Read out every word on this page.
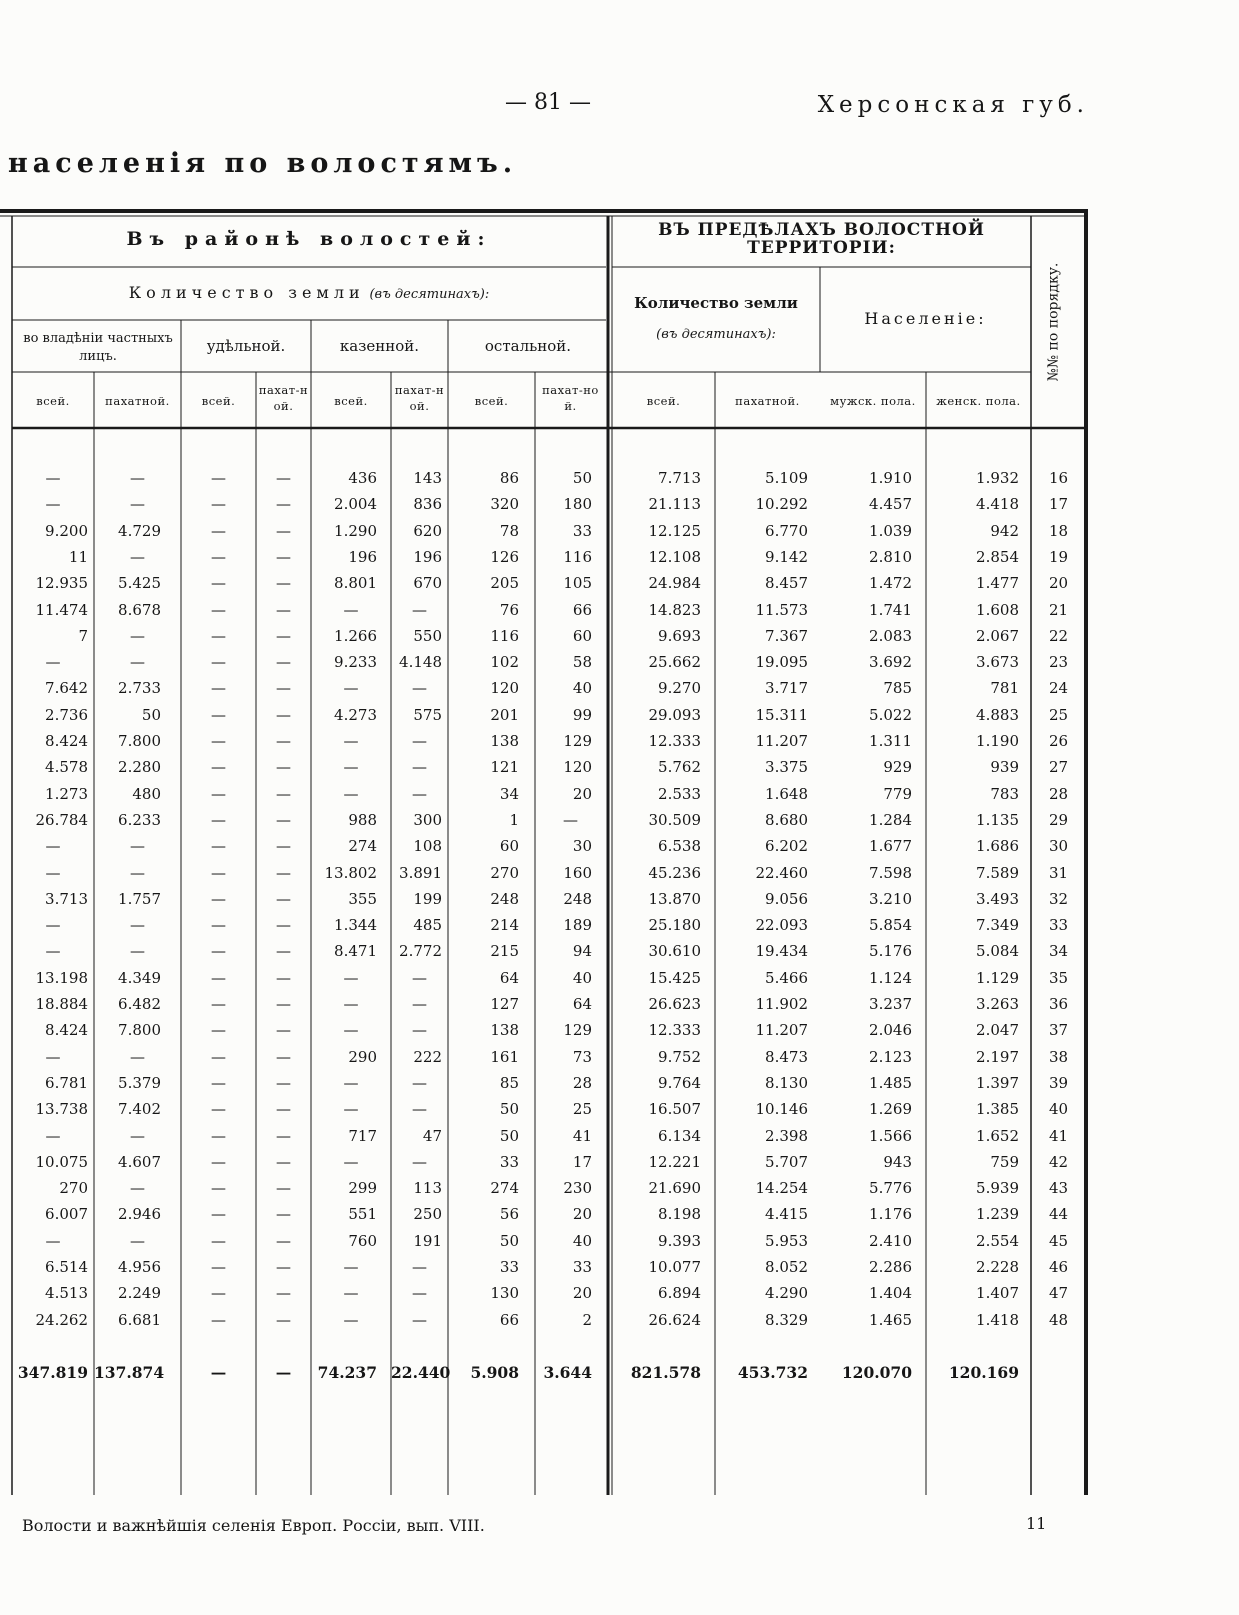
— 81 —	Херсонская губ.
населенія по волостямъ.
Въ районѣ волостей:	ВЪ ПРЕДѢЛАХЪ ВОЛОСТНОЙ ТЕРРИТОРІИ:
Количество земли (въ десятинахъ):	Количество земли
(въ десятинахъ):
Населеніе:	№№ по порядку.
во владѣніи частныхъ лицъ.
удѣльной.	казенной.	остальной.
всей.	пахатной.	всей.
пахат-ной.	всей.
пахат-ной.	всей.
пахат-ной.	всей.	пахатной.	мужск. пола.	женск. пола.
—	—	—	—	436	143	86	50	7.713	5.109	1.910	1.932	16
—	—	—	—	2.004	836	320	180	21.113	10.292	4.457	4.418	17
9.200	4.729	—	—	1.290	620	78	33	12.125	6.770	1.039	942	18
11	—	—	—	196	196	126	116	12.108	9.142	2.810	2.854	19
12.935	5.425	—	—	8.801	670	205	105	24.984	8.457	1.472	1.477	20
11.474	8.678	—	—	—	—	76	66	14.823	11.573	1.741	1.608	21
7	—	—	—	1.266	550	116	60	9.693	7.367	2.083	2.067	22
—	—	—	—	9.233	4.148	102	58	25.662	19.095	3.692	3.673	23
7.642	2.733	—	—	—	—	120	40	9.270	3.717	785	781	24
2.736	50	—	—	4.273	575	201	99	29.093	15.311	5.022	4.883	25
8.424	7.800	—	—	—	—	138	129	12.333	11.207	1.311	1.190	26
4.578	2.280	—	—	—	—	121	120	5.762	3.375	929	939	27
1.273	480	—	—	—	—	34	20	2.533	1.648	779	783	28
26.784	6.233	—	—	988	300	1	—	30.509	8.680	1.284	1.135	29
—	—	—	—	274	108	60	30	6.538	6.202	1.677	1.686	30
—	—	—	—	13.802	3.891	270	160	45.236	22.460	7.598	7.589	31
3.713	1.757	—	—	355	199	248	248	13.870	9.056	3.210	3.493	32
—	—	—	—	1.344	485	214	189	25.180	22.093	5.854	7.349	33
—	—	—	—	8.471	2.772	215	94	30.610	19.434	5.176	5.084	34
13.198	4.349	—	—	—	—	64	40	15.425	5.466	1.124	1.129	35
18.884	6.482	—	—	—	—	127	64	26.623	11.902	3.237	3.263	36
8.424	7.800	—	—	—	—	138	129	12.333	11.207	2.046	2.047	37
—	—	—	—	290	222	161	73	9.752	8.473	2.123	2.197	38
6.781	5.379	—	—	—	—	85	28	9.764	8.130	1.485	1.397	39
13.738	7.402	—	—	—	—	50	25	16.507	10.146	1.269	1.385	40
—	—	—	—	717	47	50	41	6.134	2.398	1.566	1.652	41
10.075	4.607	—	—	—	—	33	17	12.221	5.707	943	759	42
270	—	—	—	299	113	274	230	21.690	14.254	5.776	5.939	43
6.007	2.946	—	—	551	250	56	20	8.198	4.415	1.176	1.239	44
—	—	—	—	760	191	50	40	9.393	5.953	2.410	2.554	45
6.514	4.956	—	—	—	—	33	33	10.077	8.052	2.286	2.228	46
4.513	2.249	—	—	—	—	130	20	6.894	4.290	1.404	1.407	47
24.262	6.681	—	—	—	—	66	2	26.624	8.329	1.465	1.418	48
347.819 137.874	—	—	74.237 22.440	5.908	3.644	821.578	453.732	120.070	120.169
Волости и важнѣйшія селенія Европ. Россіи, вып. VIII.	11
